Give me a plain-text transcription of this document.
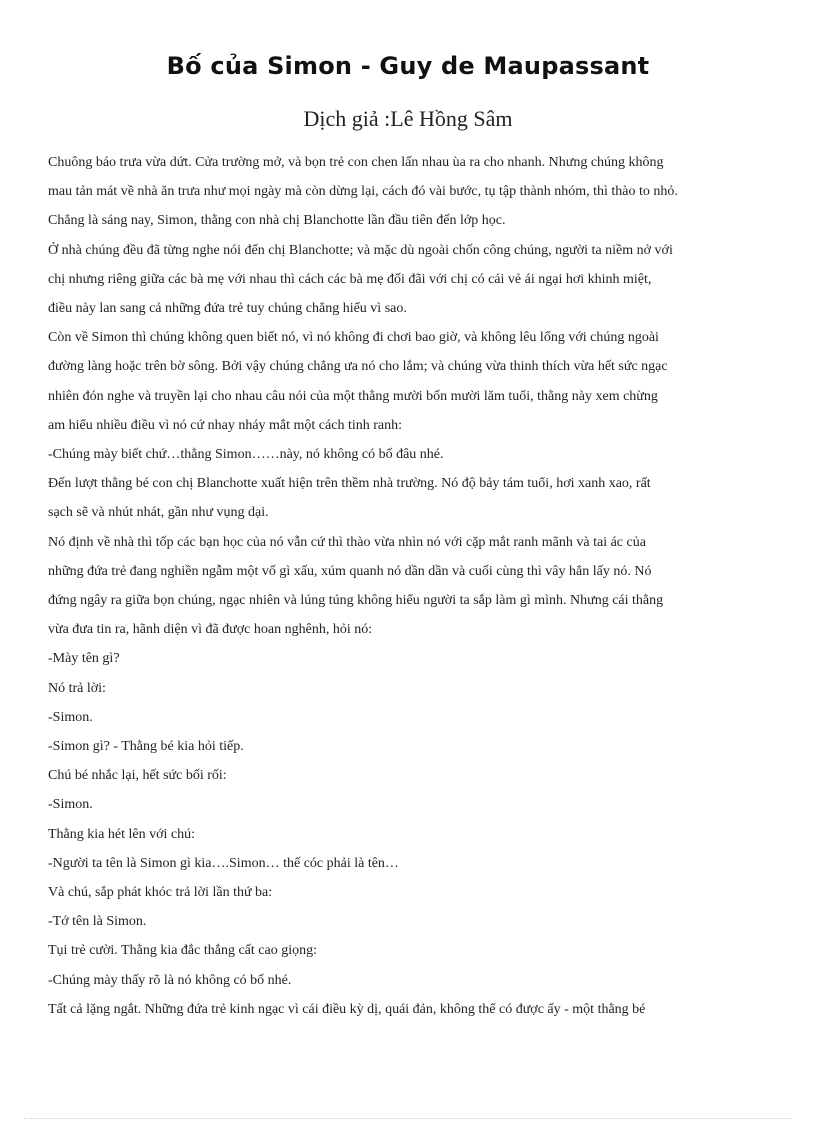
Bố của Simon - Guy de Maupassant
Dịch giả :Lê Hồng Sâm
Chuông báo trưa vừa dứt. Cửa trường mở, và bọn trẻ con chen lấn nhau ùa ra cho nhanh. Nhưng chúng không
mau tản mát về nhà ăn trưa như mọi ngày mà còn dừng lại, cách đó vài bước, tụ tập thành nhóm, thì thào to nhỏ.
Chẳng là sáng nay, Simon, thằng con nhà chị Blanchotte lần đầu tiên đến lớp học.
Ở nhà chúng đều đã từng nghe nói đến chị Blanchotte; và mặc dù ngoài chốn công chúng, người ta niềm nở với
chị nhưng riêng giữa các bà mẹ với nhau thì cách các bà mẹ đối đãi với chị có cái vẻ ái ngại hơi khinh miệt,
điều này lan sang cả những đứa trẻ tuy chúng chẳng hiểu vì sao.
Còn về Simon thì chúng không quen biết nó, vì nó không đi chơi bao giờ, và không lêu lổng với chúng ngoài
đường làng hoặc trên bờ sông. Bởi vậy chúng chẳng ưa nó cho lắm; và chúng vừa thinh thích vừa hết sức ngạc
nhiên đón nghe và truyền lại cho nhau câu nói của một thằng mười bốn mười lăm tuổi, thằng này xem chừng
am hiểu nhiều điều vì nó cứ nhay nháy mắt một cách tinh ranh:
-Chúng mày biết chứ…thằng Simon……này, nó không có bố đâu nhé.
Đến lượt thằng bé con chị Blanchotte xuất hiện trên thềm nhà trường. Nó độ bảy tám tuổi, hơi xanh xao, rất
sạch sẽ và nhút nhát, gần như vụng dại.
Nó định về nhà thì tốp các bạn học của nó vẫn cứ thì thào vừa nhìn nó với cặp mắt ranh mãnh và tai ác của
những đứa trẻ đang nghiền ngẫm một vố gì xấu, xúm quanh nó dần dần và cuối cùng thì vây hẳn lấy nó. Nó
đứng ngây ra giữa bọn chúng, ngạc nhiên và lúng túng không hiểu người ta sắp làm gì mình. Nhưng cái thằng
vừa đưa tin ra, hãnh diện vì đã được hoan nghênh, hỏi nó:
-Mày tên gì?
Nó trả lời:
-Simon.
-Simon gì? - Thằng bé kia hỏi tiếp.
Chú bé nhắc lại, hết sức bối rối:
-Simon.
Thằng kia hét lên với chú:
-Người ta tên là Simon gì kia….Simon… thế cóc phải là tên…
Và chú, sắp phát khóc trả lời lần thứ ba:
-Tớ tên là Simon.
Tụi trẻ cười. Thằng kia đắc thắng cất cao giọng:
-Chúng mày thấy rõ là nó không có bố nhé.
Tất cả lặng ngắt. Những đứa trẻ kinh ngạc vì cái điều kỳ dị, quái đản, không thể có được ấy - một thằng bé
